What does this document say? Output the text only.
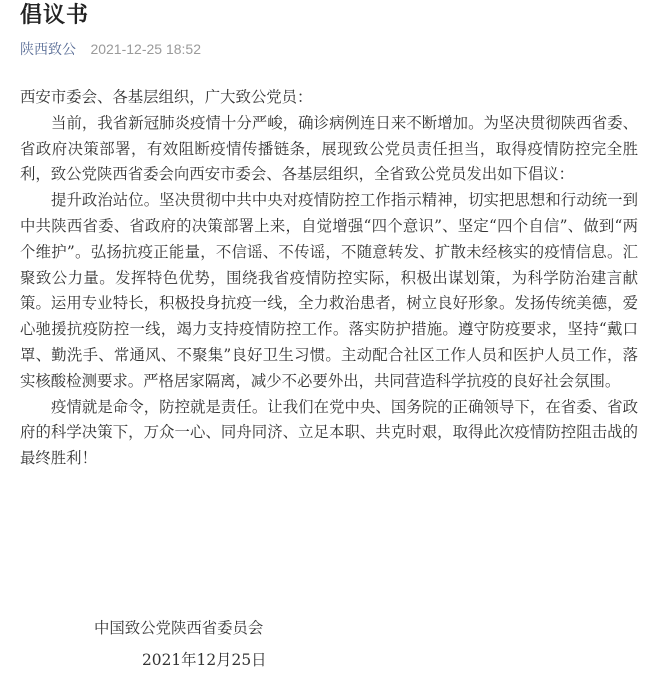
倡议书
陕西致公 2021-12-25 18:52

西安市委会、各基层组织，广大致公党员：

当前，我省新冠肺炎疫情十分严峻，确诊病例连日来不断增加。为坚决贯彻陕西省委、省政府决策部署，有效阻断疫情传播链条，展现致公党员责任担当，取得疫情防控完全胜利，致公党陕西省委会向西安市委会、各基层组织，全省致公党员发出如下倡议：

提升政治站位。坚决贯彻中共中央对疫情防控工作指示精神，切实把思想和行动统一到中共陕西省委、省政府的决策部署上来，自觉增强“四个意识”、坚定“四个自信”、做到“两个维护”。弘扬抗疫正能量，不信谣、不传谣，不随意转发、扩散未经核实的疫情信息。汇聚致公力量。发挥特色优势，围绕我省疫情防控实际，积极出谋划策，为科学防治建言献策。运用专业特长，积极投身抗疫一线，全力救治患者，树立良好形象。发扬传统美德，爱心驰援抗疫防控一线，竭力支持疫情防控工作。落实防护措施。遵守防疫要求，坚持“戴口罩、勤洗手、常通风、不聚集”良好卫生习惯。主动配合社区工作人员和医护人员工作，落实核酸检测要求。严格居家隔离，减少不必要外出，共同营造科学抗疫的良好社会氛围。

疫情就是命令，防控就是责任。让我们在党中央、国务院的正确领导下，在省委、省政府的科学决策下，万众一心、同舟同济、立足本职、共克时艰，取得此次疫情防控阻击战的最终胜利！

中国致公党陕西省委员会
2021年12月25日
